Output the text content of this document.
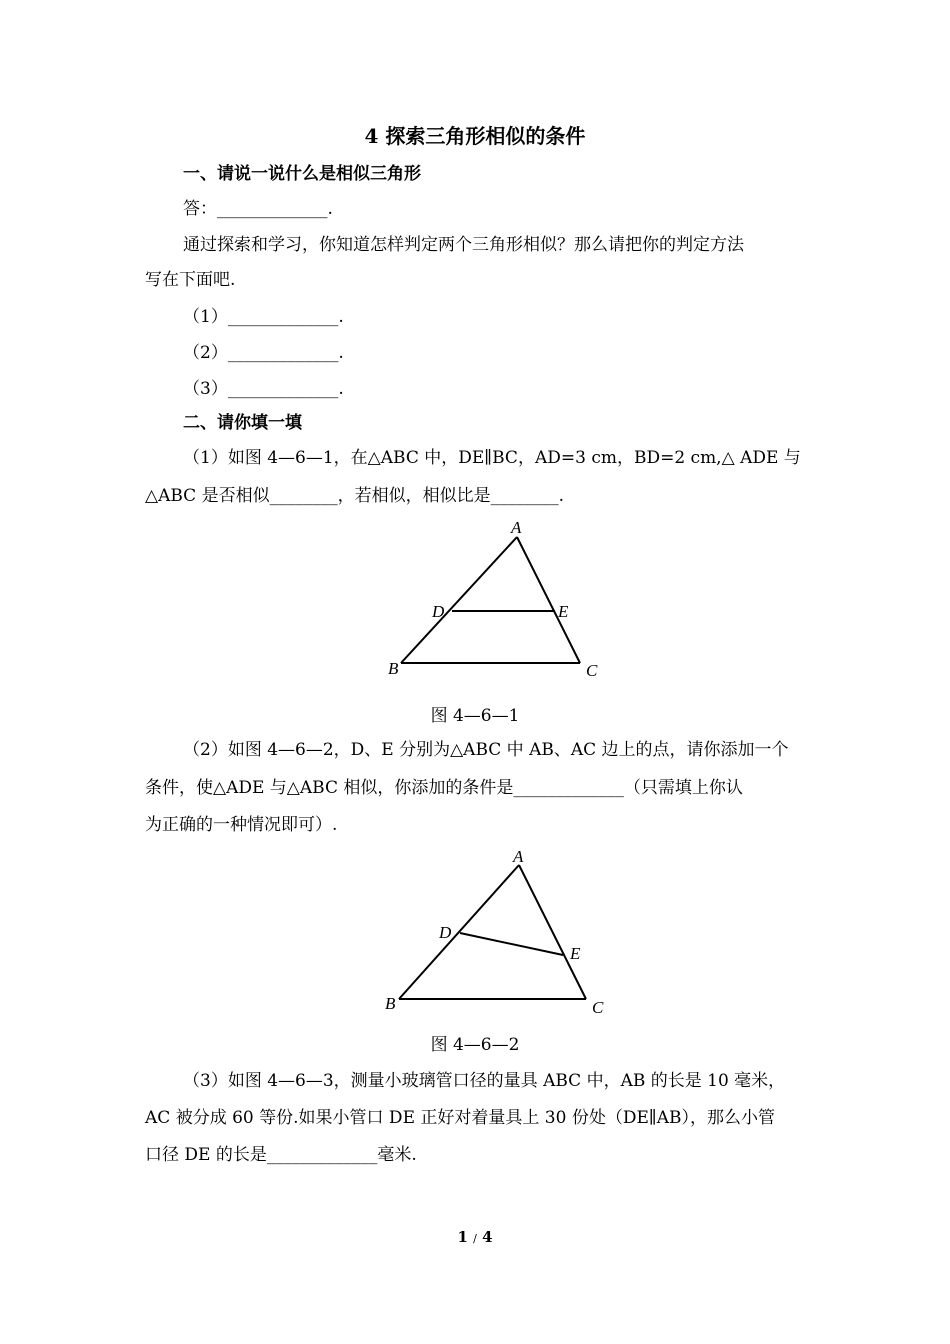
4 探索三角形相似的条件
一、请说一说什么是相似三角形
答：_____________.
通过探索和学习，你知道怎样判定两个三角形相似？那么请把你的判定方法
写在下面吧.
（1）_____________.
（2）_____________.
（3）_____________.
二、请你填一填
（1）如图 4—6—1，在△ABC 中，DE∥BC，AD=3 cm，BD=2 cm,△ ADE 与
△ABC 是否相似________，若相似，相似比是________.
A
D	E
B	C
图 4—6—1
（2）如图 4—6—2，D、E 分别为△ABC 中 AB、AC 边上的点，请你添加一个
条件，使△ADE 与△ABC 相似，你添加的条件是_____________（只需填上你认
为正确的一种情况即可）.
A
D
E
B	C
图 4—6—2
（3）如图 4—6—3，测量小玻璃管口径的量具 ABC 中，AB 的长是 10 毫米，
AC 被分成 60 等份.如果小管口 DE 正好对着量具上 30 份处（DE∥AB），那么小管
口径 DE 的长是_____________毫米.
1 / 4
